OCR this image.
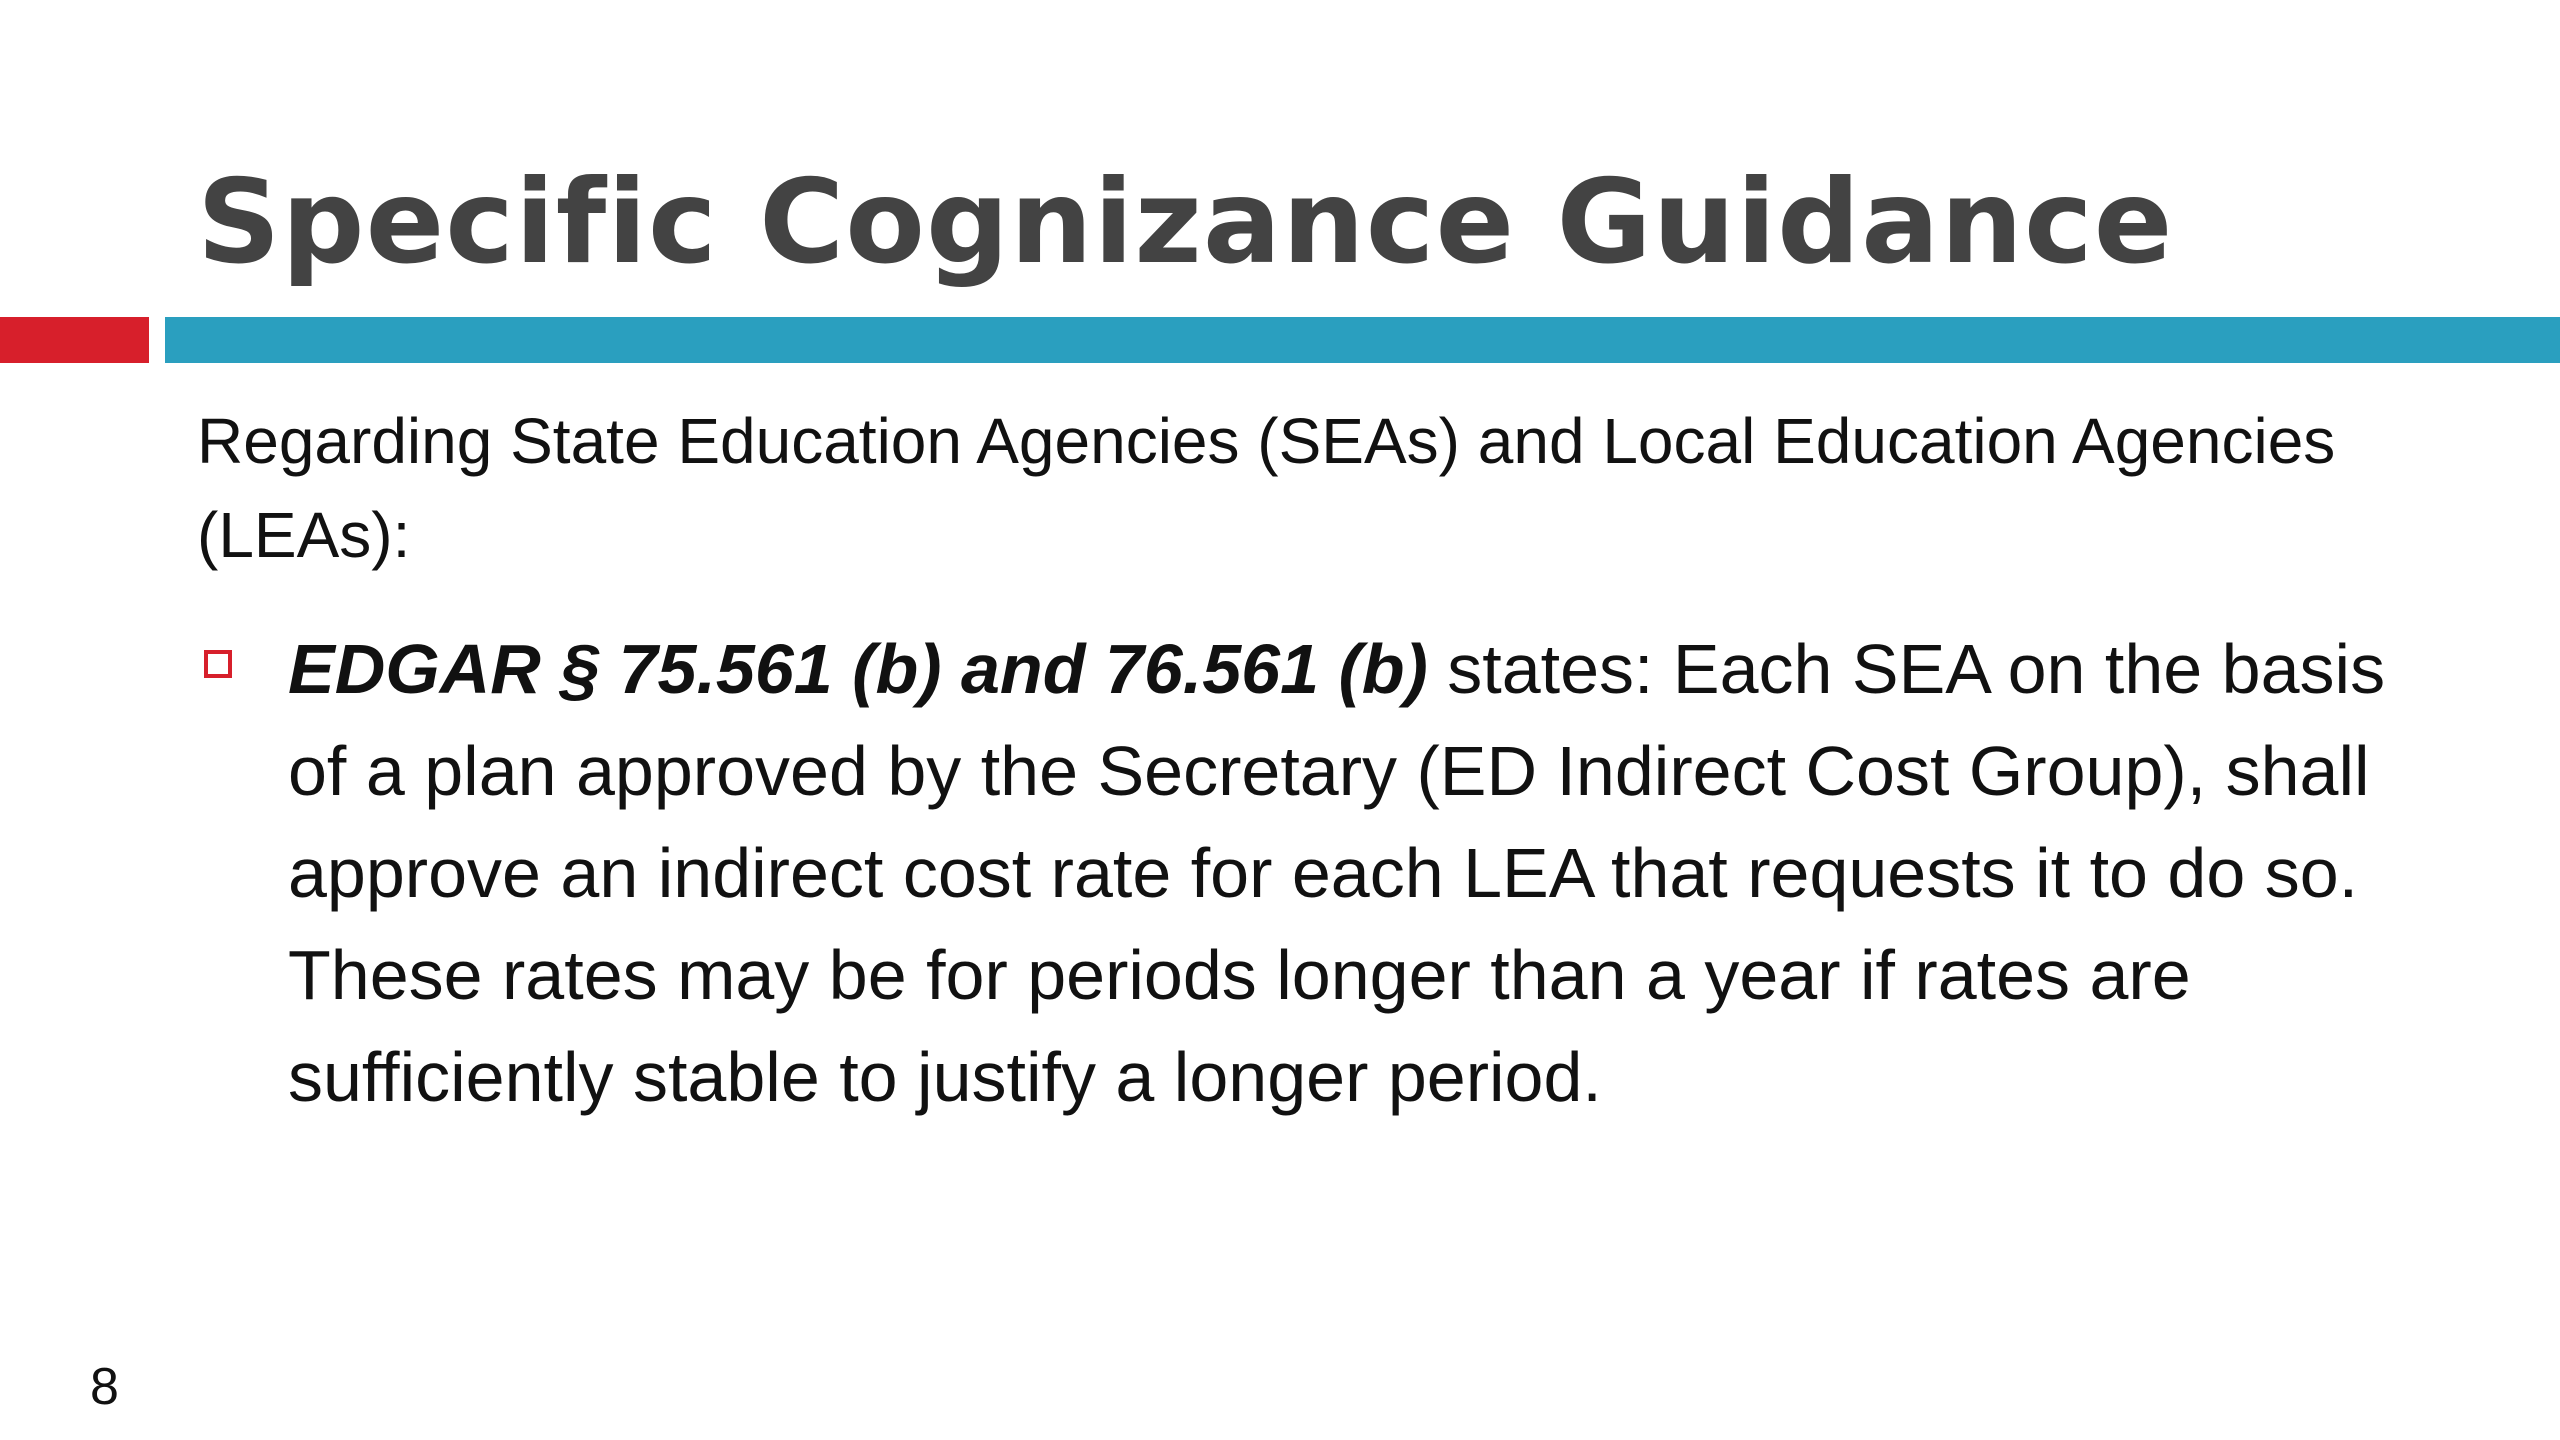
Specific Cognizance Guidance

Regarding State Education Agencies (SEAs) and Local Education Agencies (LEAs):

EDGAR § 75.561 (b) and 76.561 (b) states: Each SEA on the basis of a plan approved by the Secretary (ED Indirect Cost Group), shall approve an indirect cost rate for each LEA that requests it to do so. These rates may be for periods longer than a year if rates are sufficiently stable to justify a longer period.

8
